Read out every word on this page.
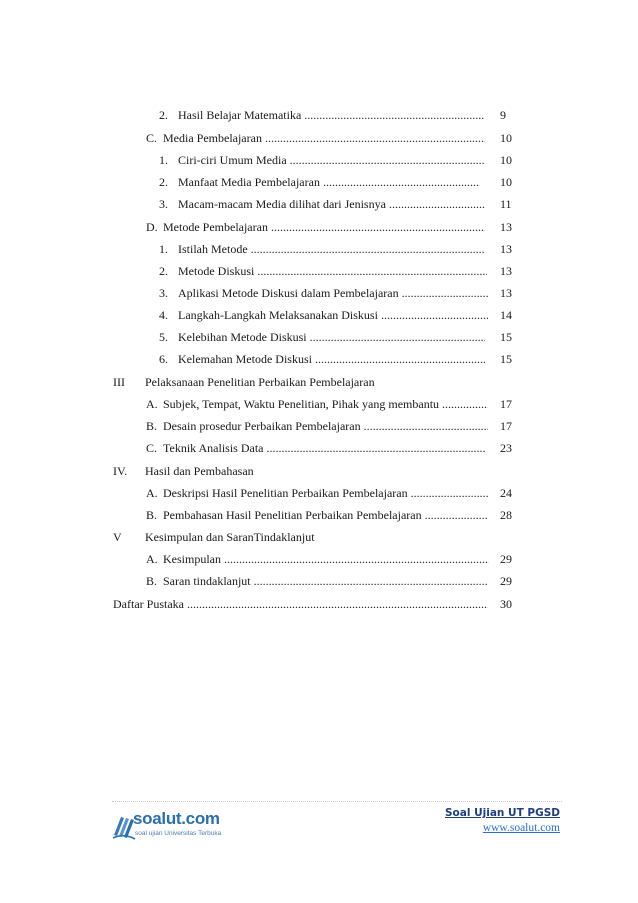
2. Hasil Belajar Matematika .....	9
C. Media Pembelajaran .....	10
1. Ciri-ciri Umum Media .....	10
2. Manfaat Media Pembelajaran .....	10
3. Macam-macam Media dilihat dari Jenisnya .....	11
D. Metode Pembelajaran .....	13
1. Istilah Metode .....	13
2. Metode Diskusi .....	13
3. Aplikasi Metode Diskusi dalam Pembelajaran .....	13
4. Langkah-Langkah Melaksanakan Diskusi .....	14
5. Kelebihan Metode Diskusi .....	15
6. Kelemahan Metode Diskusi .....	15
III Pelaksanaan Penelitian Perbaikan Pembelajaran
A. Subjek, Tempat, Waktu Penelitian, Pihak yang membantu .....	17
B. Desain prosedur Perbaikan Pembelajaran .....	17
C. Teknik Analisis Data .....	23
IV. Hasil dan Pembahasan
A. Deskripsi Hasil Penelitian Perbaikan Pembelajaran .....	24
B. Pembahasan Hasil Penelitian Perbaikan Pembelajaran .....	28
V Kesimpulan dan SaranTindaklanjut
A. Kesimpulan .....	29
B. Saran tindaklanjut .....	29
Daftar Pustaka .....	30
soalut.com
soal ujian Universitas Terbuka
Soal Ujian UT PGSD
www.soalut.com
